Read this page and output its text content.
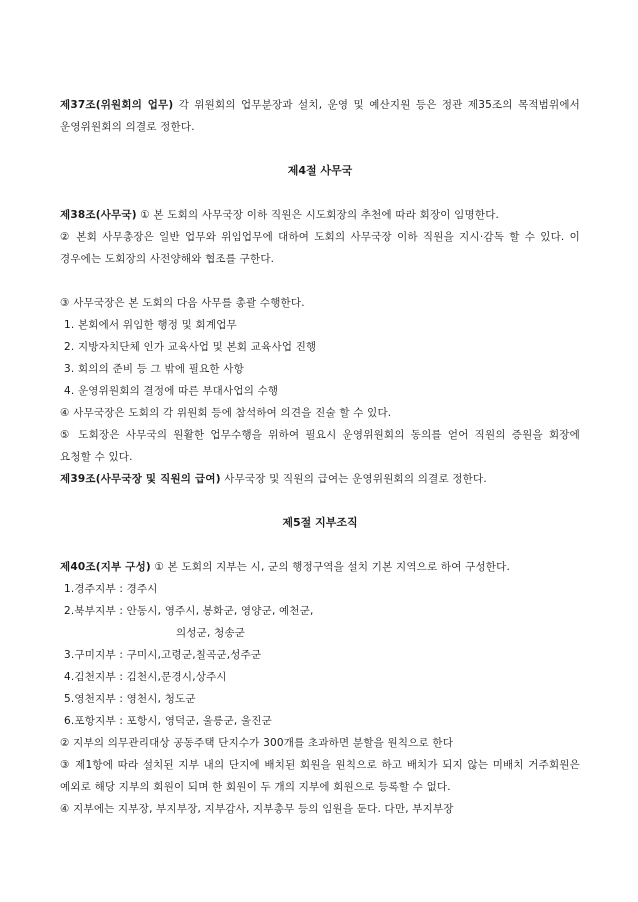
제37조(위원회의 업무) 각 위원회의 업무분장과 설치, 운영 및 예산지원 등은 정관 제35조의 목적범위에서 운영위원회의 의결로 정한다.

제4절 사무국

제38조(사무국) ① 본 도회의 사무국장 이하 직원은 시도회장의 추천에 따라 회장이 임명한다.

② 본회 사무총장은 일반 업무와 위임업무에 대하여 도회의 사무국장 이하 직원을 지시·감독 할 수 있다. 이 경우에는 도회장의 사전양해와 협조를 구한다.

③ 사무국장은 본 도회의 다음 사무를 총괄 수행한다.

1. 본회에서 위임한 행정 및 회계업무

2. 지방자치단체 인가 교육사업 및 본회 교육사업 진행

3. 회의의 준비 등 그 밖에 필요한 사항

4. 운영위원회의 결정에 따른 부대사업의 수행

④ 사무국장은 도회의 각 위원회 등에 참석하여 의견을 진술 할 수 있다.

⑤ 도회장은 사무국의 원활한 업무수행을 위하여 필요시 운영위원회의 동의를 얻어 직원의 증원을 회장에 요청할 수 있다.

제39조(사무국장 및 직원의 급여) 사무국장 및 직원의 급여는 운영위원회의 의결로 정한다.

제5절 지부조직

제40조(지부 구성) ① 본 도회의 지부는 시, 군의 행정구역을 설치 기본 지역으로 하여 구성한다.

1.경주지부 : 경주시

2.북부지부 : 안동시, 영주시, 봉화군, 영양군, 예천군,

의성군, 청송군

3.구미지부 : 구미시,고령군,칠곡군,성주군

4.김천지부 : 김천시,문경시,상주시

5.영천지부 : 영천시, 청도군

6.포항지부 : 포항시, 영덕군, 울릉군, 울진군

② 지부의 의무관리대상 공동주택 단지수가 300개를 초과하면 분할을 원칙으로 한다

③ 제1항에 따라 설치된 지부 내의 단지에 배치된 회원을 원칙으로 하고 배치가 되지 않는 미배치 거주회원은 예외로 해당 지부의 회원이 되며 한 회원이 두 개의 지부에 회원으로 등록할 수 없다.

④ 지부에는 지부장, 부지부장, 지부감사, 지부총무 등의 임원을 둔다. 다만, 부지부장
